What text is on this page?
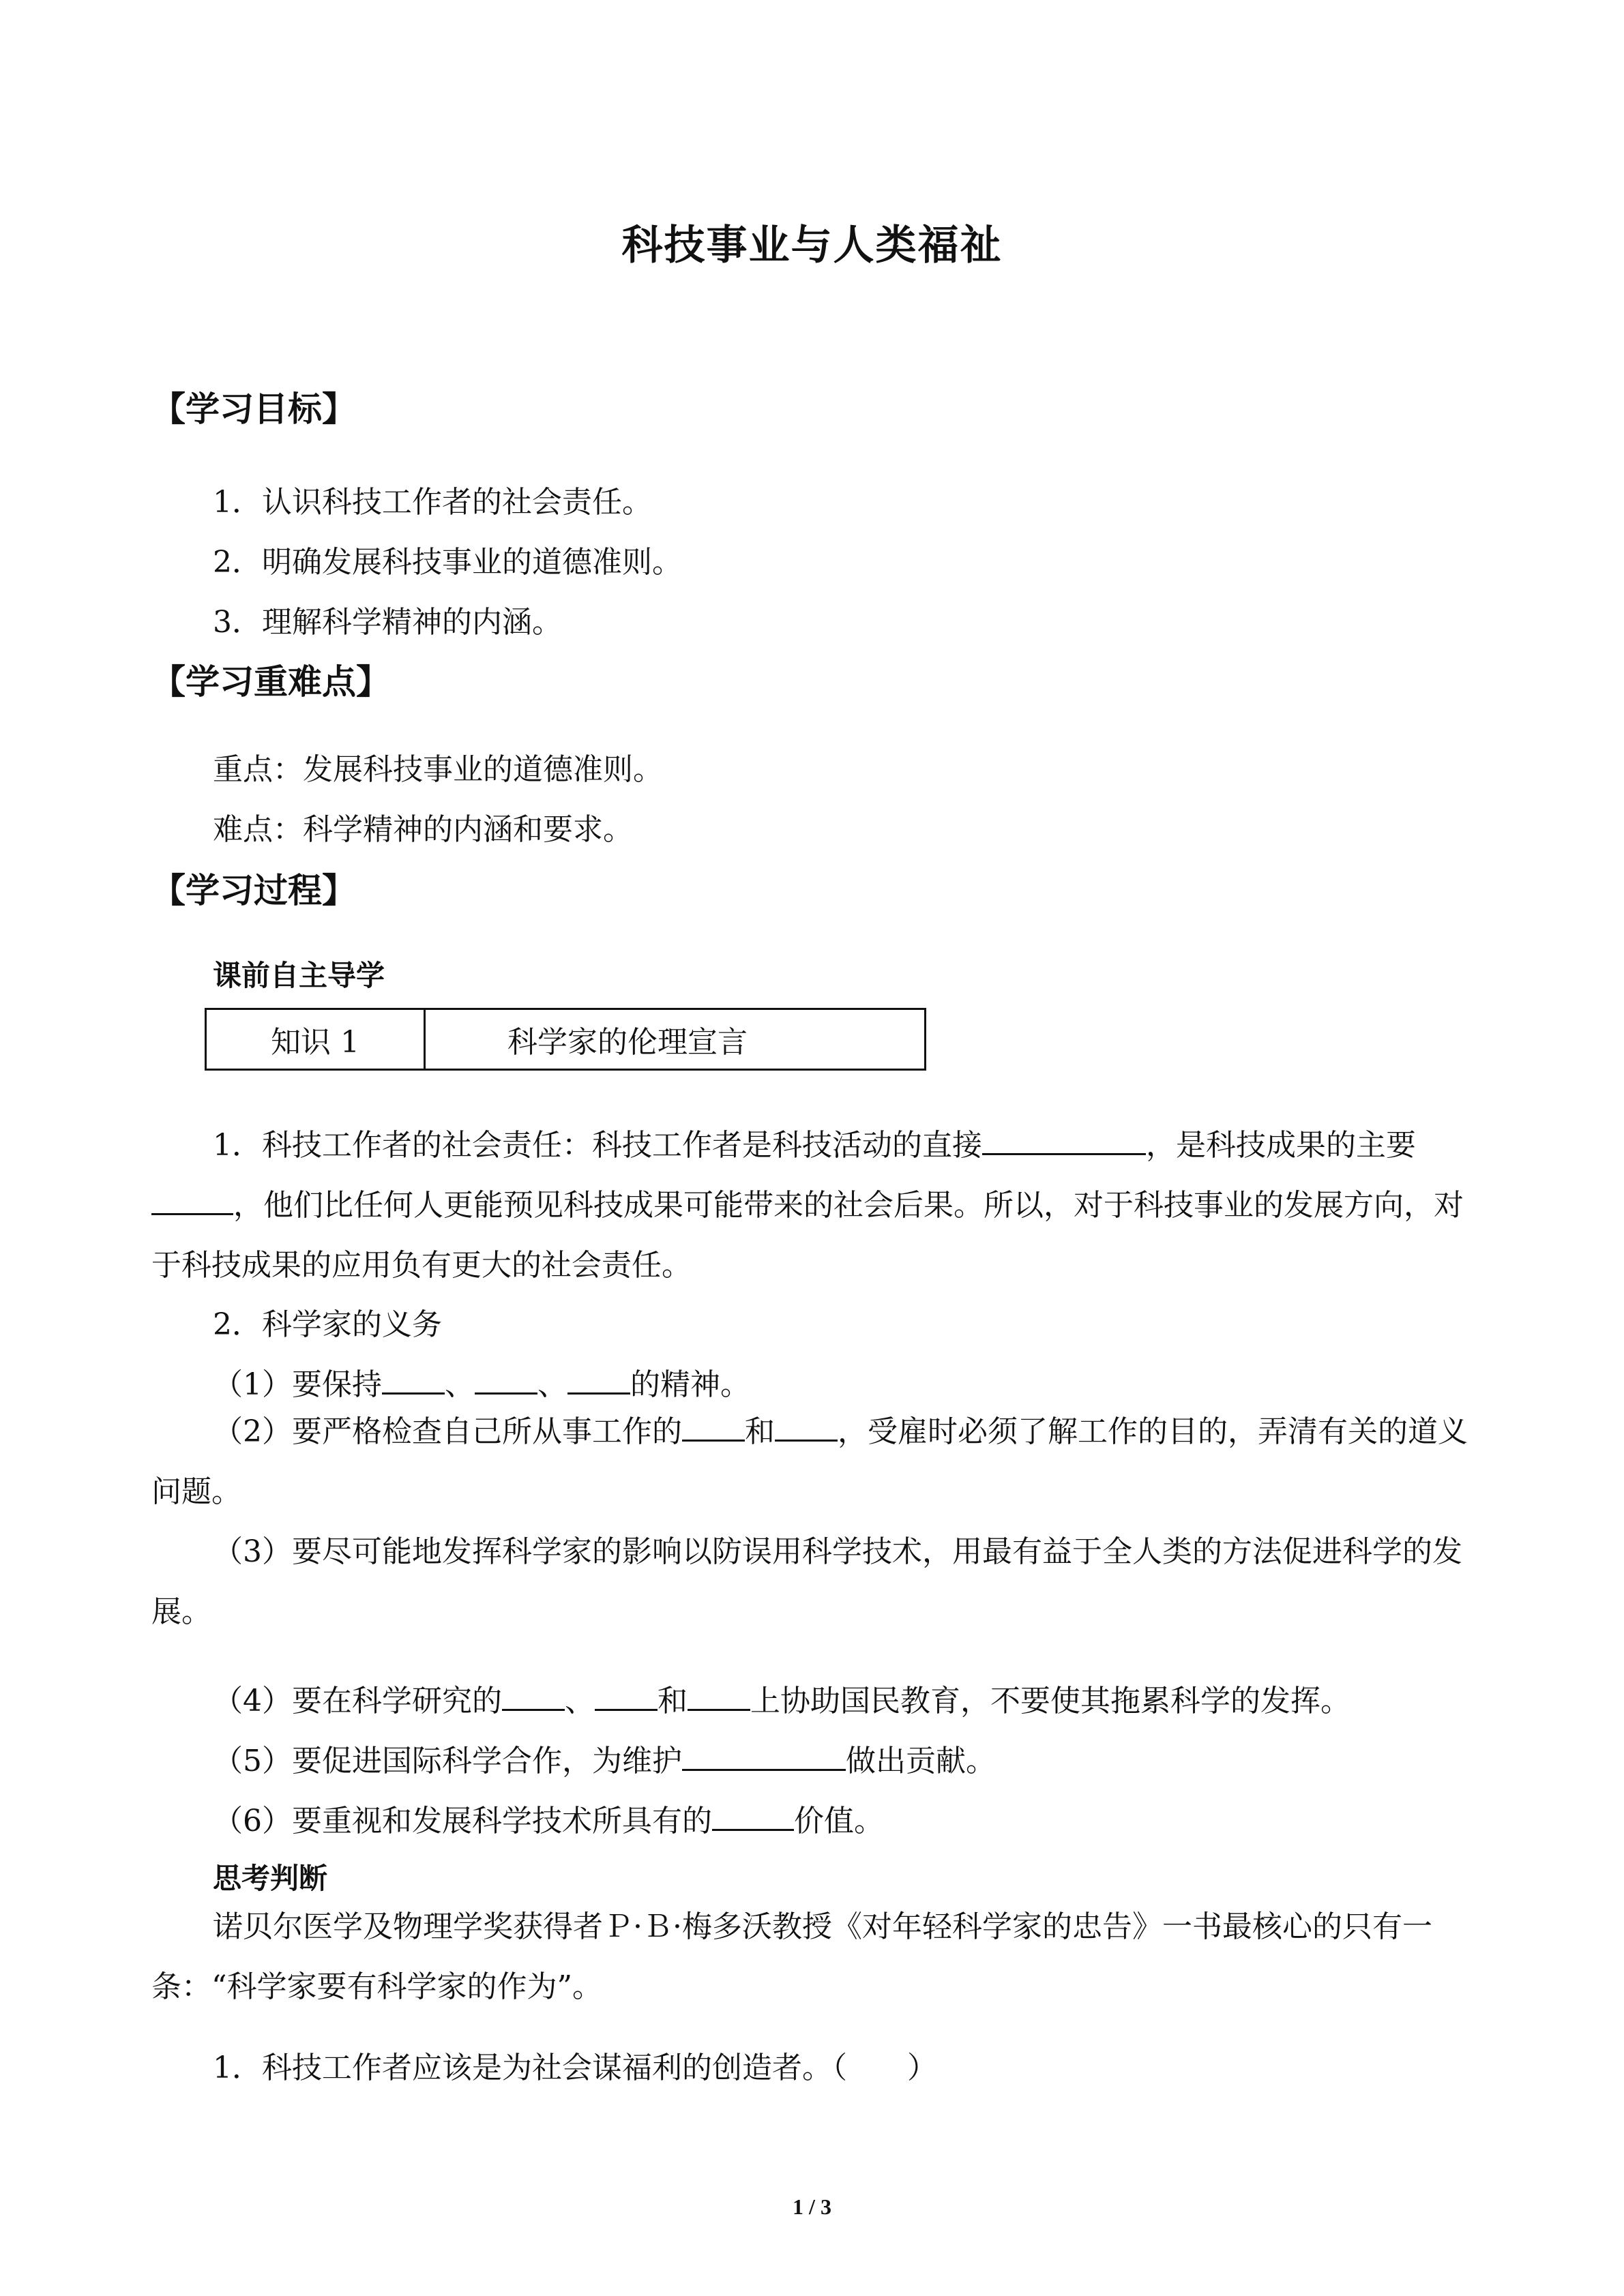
科技事业与人类福祉
【学习目标】
1．认识科技工作者的社会责任。
2．明确发展科技事业的道德准则。
3．理解科学精神的内涵。
【学习重难点】
重点：发展科技事业的道德准则。
难点：科学精神的内涵和要求。
【学习过程】
课前自主导学
知识 1	科学家的伦理宣言
1．科技工作者的社会责任：科技工作者是科技活动的直接	，是科技成果的主要，他们比任何人更能预见科技成果可能带来的社会后果。所以，对于科技事业的发展方向，对于科技成果的应用负有更大的社会责任。
2．科学家的义务
（1）要保持 、 、 的精神。
（2）要严格检查自己所从事工作的 和 ，受雇时必须了解工作的目的，弄清有关的道义问题。
（3）要尽可能地发挥科学家的影响以防误用科学技术，用最有益于全人类的方法促进科学的发展。
（4）要在科学研究的 、 和 上协助国民教育，不要使其拖累科学的发挥。
（5）要促进国际科学合作，为维护	做出贡献。
（6）要重视和发展科学技术所具有的	价值。
思考判断
诺贝尔医学及物理学奖获得者Ｐ·Ｂ·梅多沃教授《对年轻科学家的忠告》一书最核心的只有一条：“科学家要有科学家的作为”。
1．科技工作者应该是为社会谋福利的创造者。（　　）
1 / 3
